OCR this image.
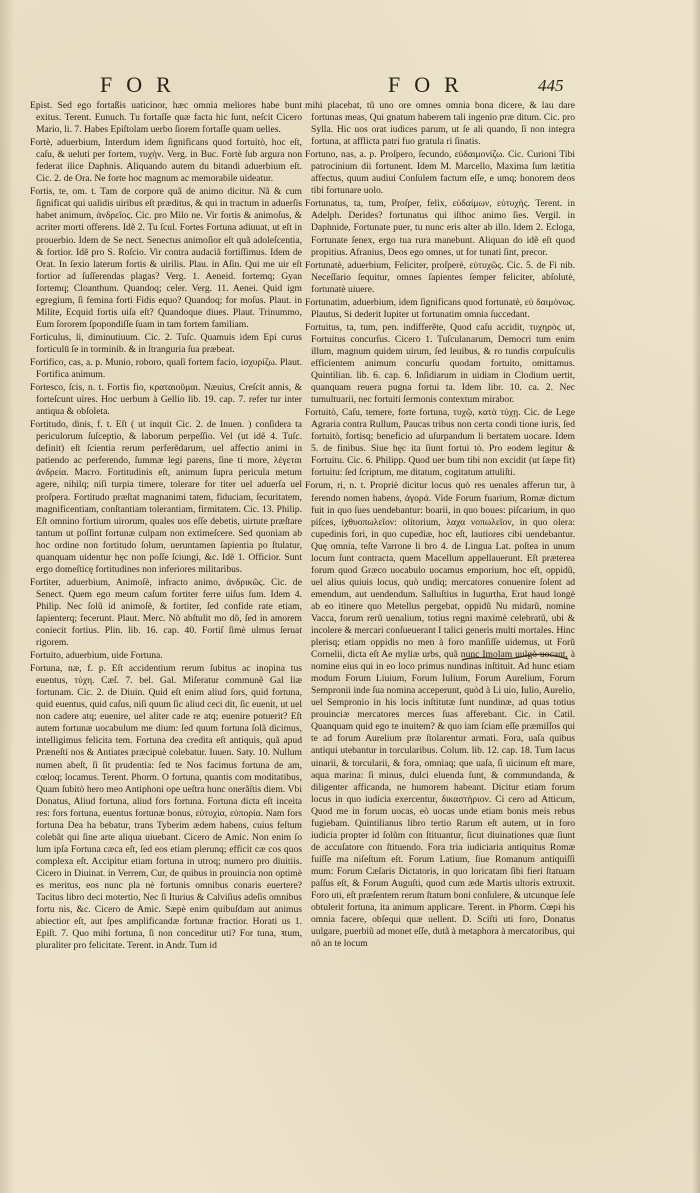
FOR	FOR	445

Epist. Sed ego fortaßis uaticinor, hæc omnia meliores habe bunt exitus. Terent. Eunuch. Tu fortaſſe quæ facta hic ſunt, neſcit Cicero Mario, li. 7. Habes Epiſtolam uerbo ſiorem fortaſſe quam uelles.

Fortè, aduerbium, Interdum idem ſignificans quod fortuitò, hoc eſt, caſu, & ueluti per fortem, τυχὴν. Verg. in Buc. Fortè ſub argura non federat ilice Daphnis. Aliquando autem du bitandi aduerbium eſt. Cic. 2. de Ora. Ne forte hoc magnum ac memorabile uideatur.

Fortis, te, om. t. Tam de corpore quã de animo dicitur. Nã & cum ſignificat qui ualidis uiribus eſt præditus, & qui in tractum in aduerſis habet animum, ἀνδρεῖος. Cic. pro Milo ne. Vir fortis & animoſus, & acriter morti offerens. Idẽ 2. Tu ſcul. Fortes Fortuna adiuuat, ut eſt in prouerbio. Idem de Se nect. Senectus animoſior eſt quã adoleſcentia, & fortior. Idẽ pro S. Roſcio. Vir contra audaciã fortiſſimus. Idem de Orat. In ſexio laterum fortis & uirilis. Plau. in Aſin. Qui me uir eſt fortior ad ſuſſerendas plagas? Verg. 1. Aeneid. fortemq; Gyan fortemq; Cloanthum. Quandoq; celer. Verg. 11. Aenei. Quid igm egregium, ſi femina forti Fidis equo? Quandoq; for moſus. Plaut. in Milite, Ecquid fortis uiſa eſt? Quandoque diues. Plaut. Trinummo, Eum ſororem ſpopondiſſe ſuam in tam fortem familiam.

Forticulus, li, diminutiuum. Cic. 2. Tuſc. Quamuis idem Epi curus forticulū ſe in torminib. & in ſtranguria ſua præbeat.

Fortifico, cas, a. p. Munio, roboro, quaſi fortem facio, ἰσχυρίζω. Plaut. Fortifica animum.

Fortesco, ſcis, n. t. Fortis fio, κραταιοῦμαι. Næuius, Creſcit annis, & forteſcunt uires. Hoc uerbum à Gellio lib. 19. cap. 7. refer tur inter antiqua & obſoleta.

Fortitudo, dinis, f. t. Eſt ( ut inquit Cic. 2. de Inuen. ) conſidera ta periculorum ſuſceptio, & laborum perpeſſio. Vel (ut idẽ 4. Tuſc. definit) eſt ſcientia rerum perferẽdarum, uel affectio animi in patiendo ac perferendo, ſummæ legi parens, ſine ti more, λέγεται ἀνδρεία. Macro. Fortitudinis eſt, animum ſupra pericula metum agere, nihilq; niſi turpia timere, tolerare for titer uel aduerſa uel proſpera. Fortitudo præſtat magnanimi tatem, fiduciam, ſecuritatem, magnificentiam, conſtantiam tolerantiam, firmitatem. Cic. 13. Philip. Eſt omnino fortium uirorum, quales uos eſſe debetis, uirtute præſtare tantum ut poſſint fortunæ culpam non extimeſcere. Sed quoniam ab hoc ordine non fortitudo ſolum, ueruntamen ſapientia po ſtulatur, quanquam uidentur hęc non poſſe ſciungi, &c. Idẽ 1. Officior. Sunt ergo domeſticę fortitudines non inferiores militaribus.

Fortiter, aduerbium, Animoſè, infracto animo, ἀνδρικῶς. Cic. de Senect. Quem ego meum caſum fortiter ferre uiſus ſum. Idem 4. Philip. Nec ſolũ id animoſè, & fortiter, ſed confide rate etiam, ſapienterq; fecerunt. Plaut. Merc. Nõ abſtulit mo dõ, ſed in amorem coniecit fortius. Plin. lib. 16. cap. 40. Fortiſ ſimè ulmus ſeruat rigorem.

Fortuito, aduerbium, uide Fortuna.

Fortuna, næ, f. p. Eſt accidentium rerum ſubitus ac inopina tus euentus, τύχη. Cæſ. 7. bel. Gal. Miſeratur communẽ Gal liæ fortunam. Cic. 2. de Diuin. Quid eſt enim aliud ſors, quid fortuna, quid euentus, quid caſus, niſi quum ſic aliud ceci dit, ſic euenit, ut uel non cadere atq; euenire, uel aliter cade re atq; euenire potuerit? Eſt autem fortunæ uocabulum me dium: ſed quum fortuna ſolã dicimus, intelligimus felicita tem. Fortuna dea credita eſt antiquis, quã apud Præneſti nos & Antiates præcipuè colebatur. Iuuen. Saty. 10. Nullum numen abeſt, ſi ſit prudentia: ſed te Nos facimus fortuna de am, cœloq; locamus. Terent. Phorm. O fortuna, quantis com moditatibus, Quam ſubitò hero meo Antiphoni ope ueſtra hunc onerãſtis diem. Vbi Donatus, Aliud fortuna, aliud fors fortuna. Fortuna dicta eſt inceita res: fors fortuna, euentus fortunæ bonus, εὐτυχία, εὐπορία. Nam fors fortuna Dea ha bebatur, trans Tyberim ædem habens, cuius feſtum colebãt qui ſine arte aliqua uiuebant. Cicero de Amic. Non enim ſo lum ipſa Fortuna cæca eſt, ſed eos etiam plerunq; efficit cæ cos quos complexa eſt. Accipitur etiam fortuna in utroq; numero pro diuitiis. Cicero in Diuinat. in Verrem, Cur, de quibus in prouincia non optimè es meritus, eos nunc pla nè fortunis omnibus conaris euertere? Tacitus libro deci motertio, Nec ſi Iturius & Calviſius adeſis omnibus fortu nis, &c. Cicero de Amic. Sæpè enim quibuſdam aut animus abiectior eſt, aut ſpes amplificandæ fortunæ fractior. Horati us 1. Epiſt. 7. Quo mihi fortuna, ſi non conceditur uti? For tuna, ꝛtum, pluraliter pro felicitate. Terent. in Andr. Tum id

mihi placebat, tũ uno ore omnes omnia bona dicere, & lau dare fortunas meas, Qui gnatum haberem tali ingenio præ ditum. Cic. pro Sylla. Hic uos orat iudices parum, ut ſe ali quando, ſi non integra fortuna, at afflicta patri fuo gratula ri ſinatis.

Fortuno, nas, a. p. Proſpero, ſecundo, εὐδαιμονίζω. Cic. Curioni Tibi patrocinium dii fortunent. Idem M. Marcello, Maxima ſum lætitia affectus, quum audiui Conſulem factum eſſe, e umq; honorem deos tibi fortunare uolo.

Fortunatus, ta, tum, Proſper, felix, εὐδαίμων, εὐτυχὴς. Terent. in Adelph. Derides? fortunatus qui iſthoc animo ſies. Vergil. in Daphnide, Fortunate puer, tu nunc eris alter ab illo. Idem 2. Ecloga, Fortunate ſenex, ergo tua rura manebunt. Aliquan do idẽ eſt quod propitius. Afranius, Deos ego omnes, ut for tunati ſint, precor.

Fortunatè, aduerbium, Feliciter, proſperè, εὐτυχῶς. Cic. 5. de Fi nib. Neceſſario ſequitur, omnes ſapientes ſemper feliciter, abſolutè, fortunatè uiuere.

Fortunatim, aduerbium, idem ſignificans quod fortunatè, εὐ δαιμόνως. Plautus, Si dederit Iupiter ut fortunatim omnia ſuccedant.

Fortuitus, ta, tum, pen. indifferẽte, Quod caſu accidit, τυχηρὸς ut, Fortuitus concurſus. Cicero 1. Tuſculanarum, Democri tum enim illum, magnum quidem uirum, ſed leuibus, & ro tundis corpuſculis efficientem animum concurſu quodam fortuito, omittamus. Quintilian. lib. 6. cap. 6. Inſidiarum in uidiam in Clodium uertit, quanquam reuera pugna fortui ta. Idem libr. 10. ca. 2. Nec tumultuarii, nec fortuiti ſermonis contextum mirabor.

Fortuitò, Caſu, temere, forte fortuna, τυχῷ, κατὰ τύχῃ. Cic. de Lege Agraria contra Rullum, Paucas tribus non certa condi tione iuris, ſed fortuitò, fortisq; beneficio ad uſurpandum li bertatem uocare. Idem 5. de finibus. Siue hęc ita ſiunt fortui tò. Pro eodem legitur & Fortuitu. Cic. 6. Philipp. Quod uer bum tibi non excidit (ut ſæpe fit) fortuitu: ſed ſcriptum, me ditatum, cogitatum attuliſti.

Forum, ri, n. t. Propriè dicitur locus quò res uenales afferun tur, à ferendo nomen habens, ἀγορά. Vide Forum fuarium, Romæ dictum fuit in quo ſues uendebantur: boarii, in quo boues: piſcarium, in quo piſces, ἰχθυοπωλεῖον: olitorium, λαχα νοπωλεῖον, in quo olera: cupedinis fori, in quo cupediæ, hoc eſt, lautiores cibi uendebantur. Quę omnia, teſte Varrone li bro 4. de Lingua Lat. poſtea in unum locum ſunt contracta, quem Macellum appellauerunt. Eſt præterea forum quod Græco uocabulo uocamus emporium, hoc eſt, oppidũ, uel alius quiuis locus, quò undiq; mercatores conuenire ſolent ad emendum, aut uendendum. Salluſtius in Iugurtha, Erat haud longè ab eo itinere quo Metellus pergebat, oppidũ Nu midarũ, nomine Vacca, forum rerũ uenalium, totius regni maximè celebratũ, ubi & incolere & mercari conſueuerant I talici generis multi mortales. Hinc plerisq; etiam oppidis no men à foro manſiſſe uidemus, ut Forũ Cornelii, dicta eſt Ae myliæ urbs, quã nunc Imolam uulgò uocant, à nomine eius qui in eo loco primus nundinas inſtituit. Ad hunc etiam modum Forum Liuium, Forum Iulium, Forum Aurelium, Forum Sempronii inde ſua nomina acceperunt, quòd à Li uio, Iulio, Aurelio, uel Sempronio in his locis inſtitutæ ſunt nundinæ, ad quas totius prouinciæ mercatores merces ſuas afferebant. Cic. in Catil. Quanquam quid ego te inuitem? & quo iam ſciam eſſe præmiſſos qui te ad forum Aurelium præ ſtolarentur armati. Fora, uaſa quibus antiqui utebantur in torcularibus. Colum. lib. 12. cap. 18. Tum lacus uinarii, & torcularii, & fora, omniaq; que uaſa, ſi uicinum eſt mare, aqua marina: ſi minus, dulci eluenda ſunt, & commundanda, & diligenter afficanda, ne humorem habeant. Dicitur etiam forum locus in quo iudicia exercentur, δικαστήριον. Ci cero ad Atticum, Quod me in forum uocas, eò uocas unde etiam bonis meis rebus fugiebam. Quintilianus libro tertio Rarum eſt autem, ut in foro iudicia propter id ſolũm con ſtituantur, ſicut diuinationes quæ ſiunt de accuſatore con ſtituendo. Fora tria iudiciaria antiquitus Romæ fuiſſe ma niſeſtum eſt. Forum Latium, ſiue Romanum antiquiſſi mum: Forum Cæſaris Dictatoris, in quo loricatam ſibi fieri ſtatuam paſſus eſt, & Forum Auguſti, quod cum æde Martis ultoris extruxit. Foro uti, eſt præſentem rerum ſtatum boni conſulere, & utcunque ſeſe obtulerit fortuna, ita animum applicare. Terent. in Phorm. Cœpi his omnia facere, obſequi quæ uellent. D. Sciſti uti foro, Donatus uulgare, puerbiũ ad monet eſſe, dutã à metaphora à mercatoribus, qui nõ an te locum
